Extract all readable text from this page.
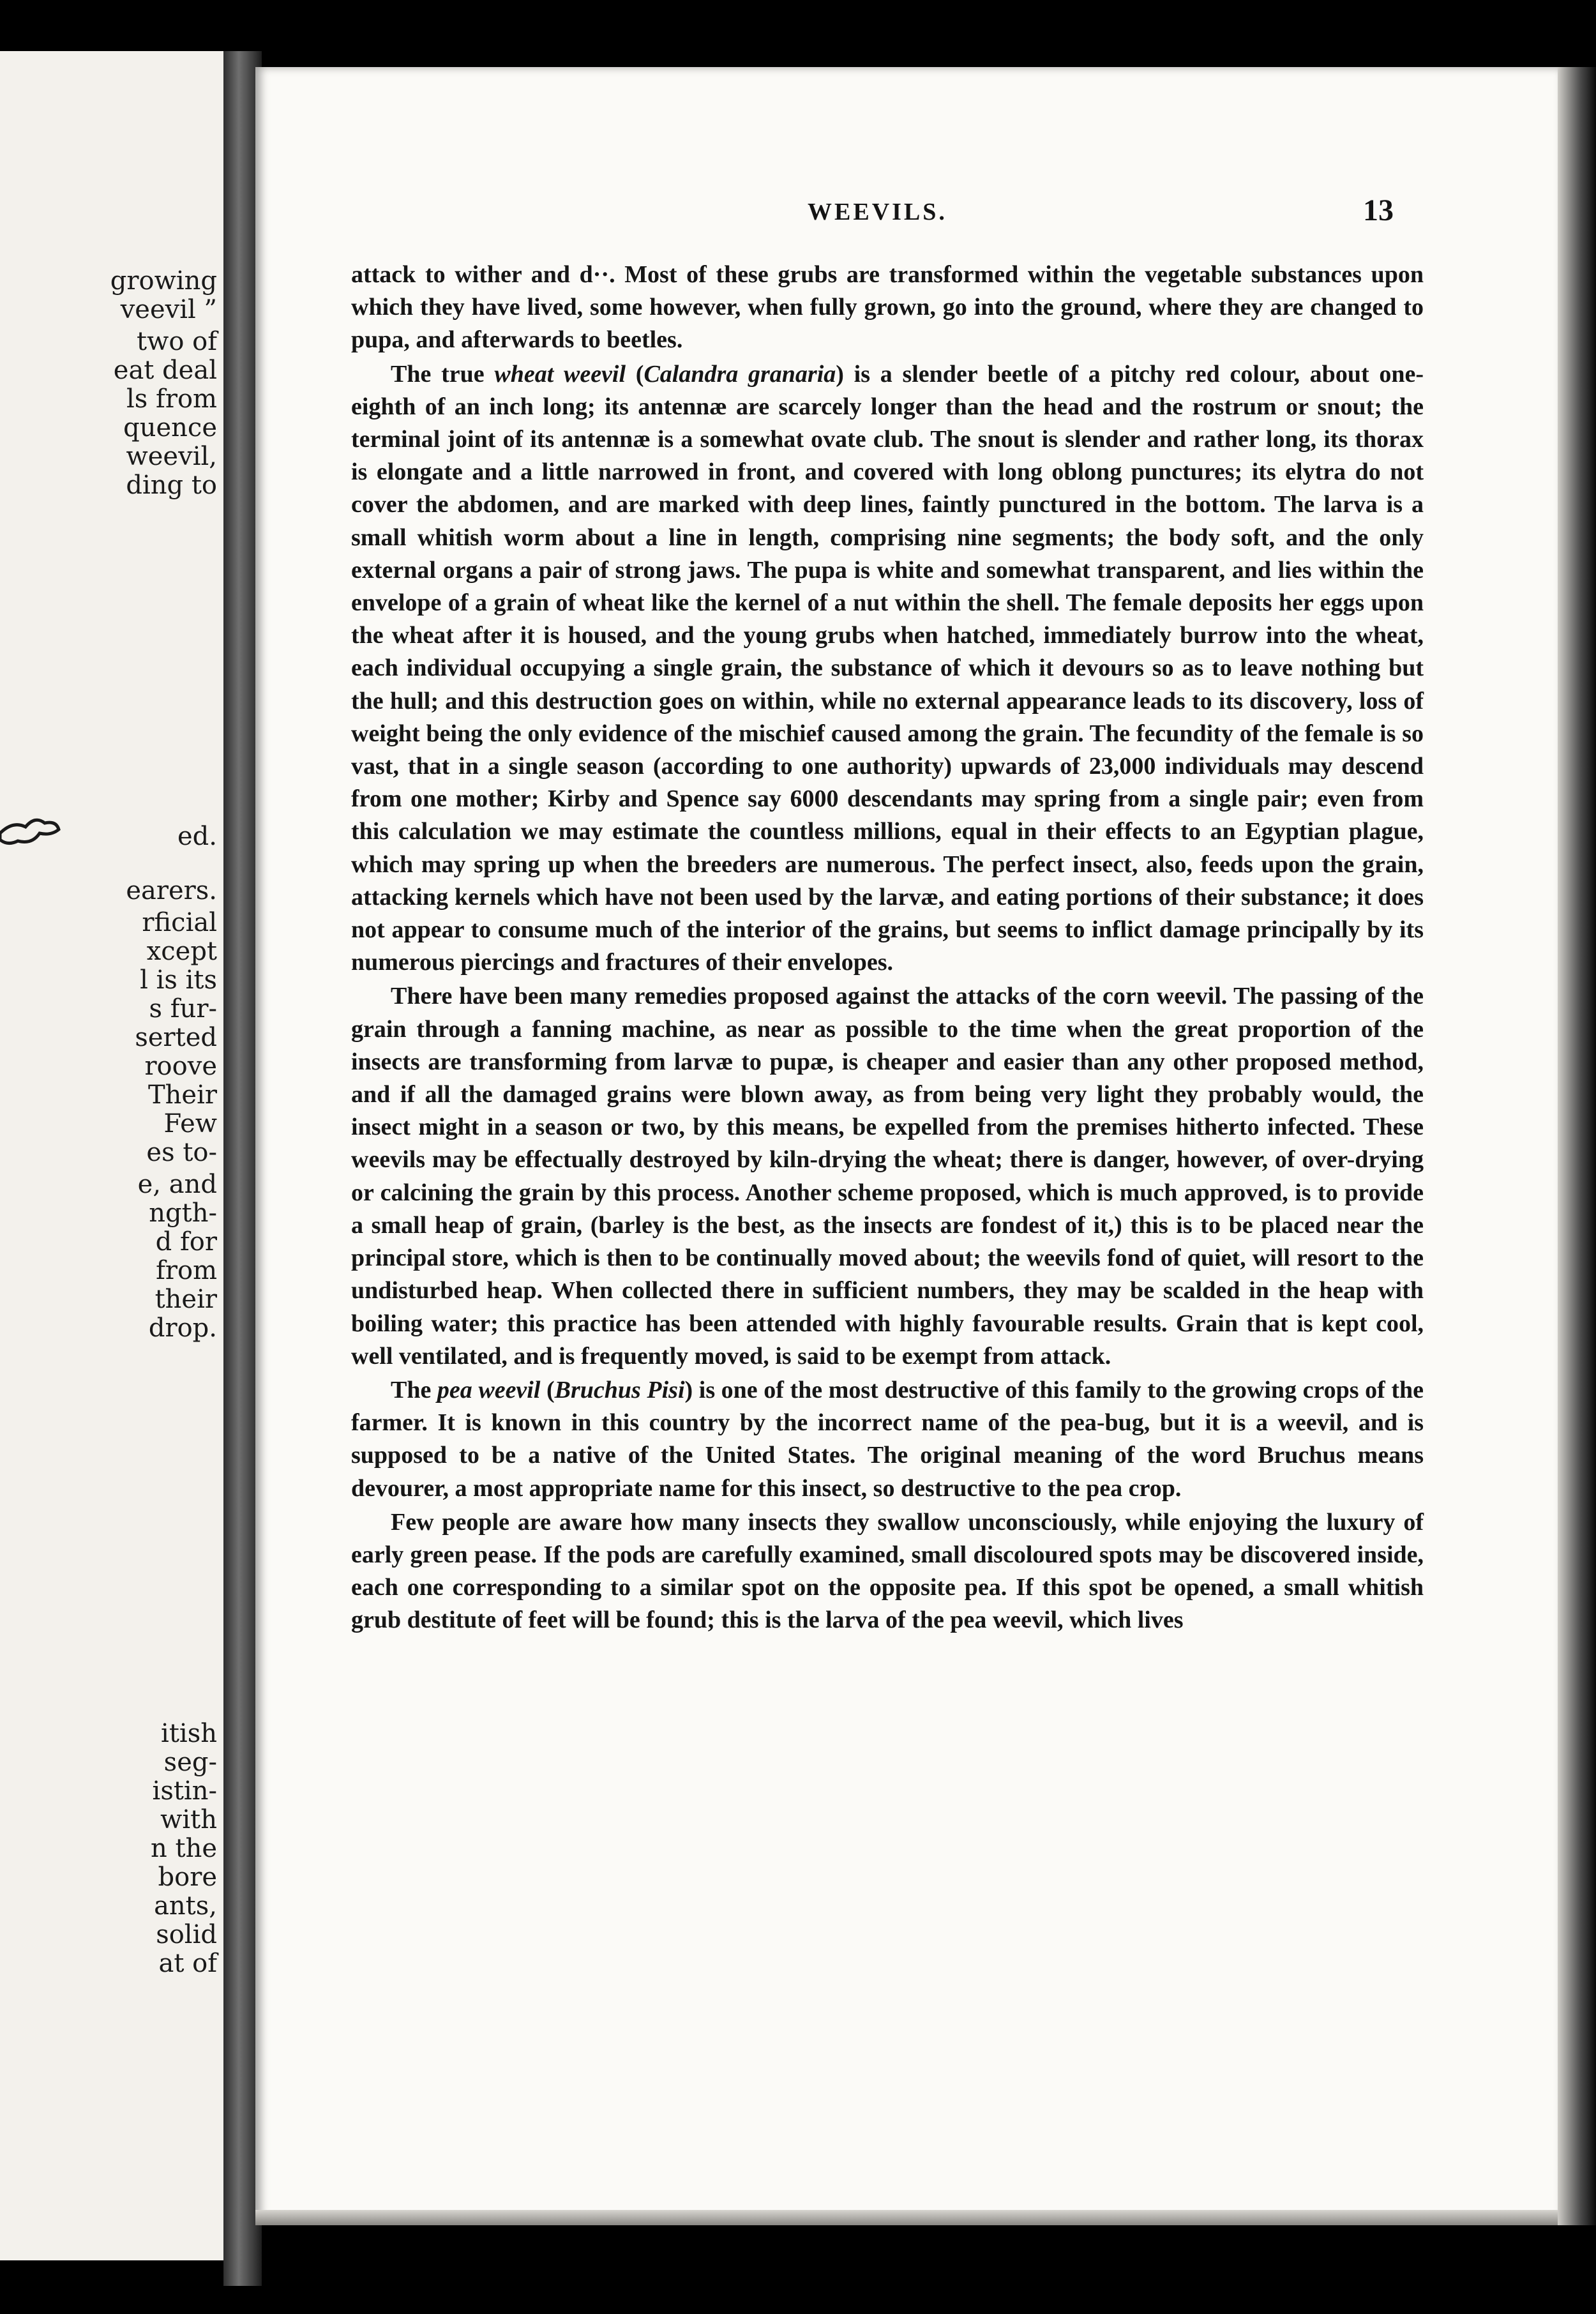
growing
veevil ”
two of
eat deal
ls from
quence
weevil,
ding to
ed.
earers.
rficial
xcept
l is its
s fur-
serted
roove
Their
Few
es to-
e, and
ngth-
d for
from
their
drop.
itish
seg-
istin-
with
n the
bore
ants,
solid
at of
WEEVILS.	13

attack to wither and d··. Most of these grubs are transformed within the vegetable substances upon which they have lived, some however, when fully grown, go into the ground, where they are changed to pupa, and afterwards to beetles.

The true wheat weevil (Calandra granaria) is a slender beetle of a pitchy red colour, about one-eighth of an inch long; its antennæ are scarcely longer than the head and the rostrum or snout; the terminal joint of its antennæ is a somewhat ovate club. The snout is slender and rather long, its thorax is elongate and a little narrowed in front, and covered with long oblong punctures; its elytra do not cover the abdomen, and are marked with deep lines, faintly punctured in the bottom. The larva is a small whitish worm about a line in length, comprising nine segments; the body soft, and the only external organs a pair of strong jaws. The pupa is white and somewhat transparent, and lies within the envelope of a grain of wheat like the kernel of a nut within the shell. The female deposits her eggs upon the wheat after it is housed, and the young grubs when hatched, immediately burrow into the wheat, each individual occupying a single grain, the substance of which it devours so as to leave nothing but the hull; and this destruction goes on within, while no external appearance leads to its discovery, loss of weight being the only evidence of the mischief caused among the grain. The fecundity of the female is so vast, that in a single season (according to one authority) upwards of 23,000 individuals may descend from one mother; Kirby and Spence say 6000 descendants may spring from a single pair; even from this calculation we may estimate the countless millions, equal in their effects to an Egyptian plague, which may spring up when the breeders are numerous. The perfect insect, also, feeds upon the grain, attacking kernels which have not been used by the larvæ, and eating portions of their substance; it does not appear to consume much of the interior of the grains, but seems to inflict damage principally by its numerous piercings and fractures of their envelopes.

There have been many remedies proposed against the attacks of the corn weevil. The passing of the grain through a fanning machine, as near as possible to the time when the great proportion of the insects are transforming from larvæ to pupæ, is cheaper and easier than any other proposed method, and if all the damaged grains were blown away, as from being very light they probably would, the insect might in a season or two, by this means, be expelled from the premises hitherto infected. These weevils may be effectually destroyed by kiln-drying the wheat; there is danger, however, of over-drying or calcining the grain by this process. Another scheme proposed, which is much approved, is to provide a small heap of grain, (barley is the best, as the insects are fondest of it,) this is to be placed near the principal store, which is then to be continually moved about; the weevils fond of quiet, will resort to the undisturbed heap. When collected there in sufficient numbers, they may be scalded in the heap with boiling water; this practice has been attended with highly favourable results. Grain that is kept cool, well ventilated, and is frequently moved, is said to be exempt from attack.

The pea weevil (Bruchus Pisi) is one of the most destructive of this family to the growing crops of the farmer. It is known in this country by the incorrect name of the pea-bug, but it is a weevil, and is supposed to be a native of the United States. The original meaning of the word Bruchus means devourer, a most appropriate name for this insect, so destructive to the pea crop.

Few people are aware how many insects they swallow unconsciously, while enjoying the luxury of early green pease. If the pods are carefully examined, small discoloured spots may be discovered inside, each one corresponding to a similar spot on the opposite pea. If this spot be opened, a small whitish grub destitute of feet will be found; this is the larva of the pea weevil, which lives
